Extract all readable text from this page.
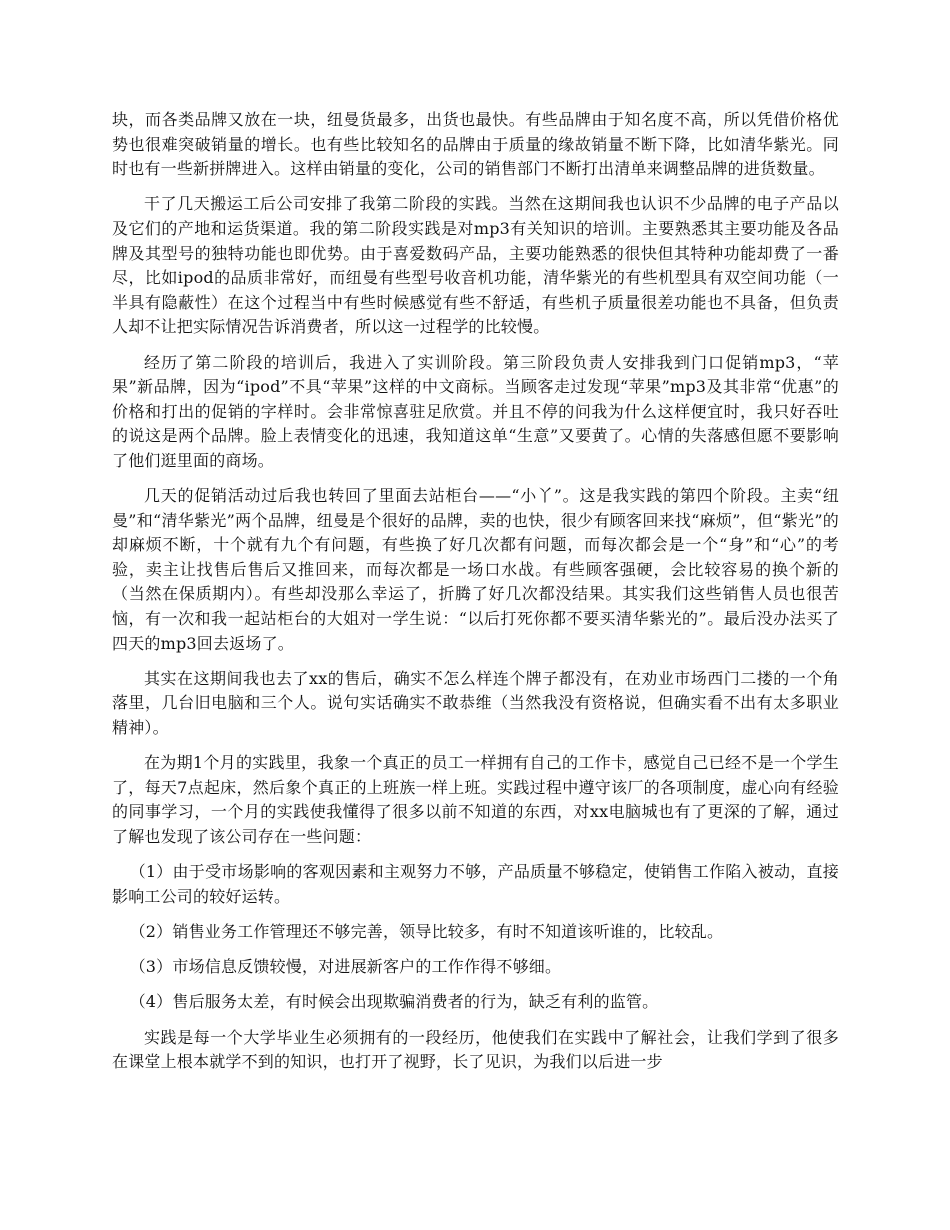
块，而各类品牌又放在一块，纽曼货最多，出货也最快。有些品牌由于知名度不高，所以凭借价格优势也很难突破销量的增长。也有些比较知名的品牌由于质量的缘故销量不断下降，比如清华紫光。同时也有一些新拼牌进入。这样由销量的变化，公司的销售部门不断打出清单来调整品牌的进货数量。

干了几天搬运工后公司安排了我第二阶段的实践。当然在这期间我也认识不少品牌的电子产品以及它们的产地和运货渠道。我的第二阶段实践是对mp3有关知识的培训。主要熟悉其主要功能及各品牌及其型号的独特功能也即优势。由于喜爱数码产品，主要功能熟悉的很快但其特种功能却费了一番尽，比如ipod的品质非常好，而纽曼有些型号收音机功能，清华紫光的有些机型具有双空间功能（一半具有隐蔽性）在这个过程当中有些时候感觉有些不舒适，有些机子质量很差功能也不具备，但负责人却不让把实际情况告诉消费者，所以这一过程学的比较慢。

经历了第二阶段的培训后，我进入了实训阶段。第三阶段负责人安排我到门口促销mp3，“苹果”新品牌，因为“ipod”不具“苹果”这样的中文商标。当顾客走过发现“苹果”mp3及其非常“优惠”的价格和打出的促销的字样时。会非常惊喜驻足欣赏。并且不停的问我为什么这样便宜时，我只好吞吐的说这是两个品牌。脸上表情变化的迅速，我知道这单“生意”又要黄了。心情的失落感但愿不要影响了他们逛里面的商场。

几天的促销活动过后我也转回了里面去站柜台——“小丫”。这是我实践的第四个阶段。主卖“纽曼”和“清华紫光”两个品牌，纽曼是个很好的品牌，卖的也快，很少有顾客回来找“麻烦”，但“紫光”的却麻烦不断，十个就有九个有问题，有些换了好几次都有问题，而每次都会是一个“身”和“心”的考验，卖主让找售后售后又推回来，而每次都是一场口水战。有些顾客强硬，会比较容易的换个新的（当然在保质期内）。有些却没那么幸运了，折腾了好几次都没结果。其实我们这些销售人员也很苦恼，有一次和我一起站柜台的大姐对一学生说：“以后打死你都不要买清华紫光的”。最后没办法买了四天的mp3回去返场了。

其实在这期间我也去了xx的售后，确实不怎么样连个牌子都没有，在劝业市场西门二搂的一个角落里，几台旧电脑和三个人。说句实话确实不敢恭维（当然我没有资格说，但确实看不出有太多职业精神）。

在为期1个月的实践里，我象一个真正的员工一样拥有自己的工作卡，感觉自己已经不是一个学生了，每天7点起床，然后象个真正的上班族一样上班。实践过程中遵守该厂的各项制度，虚心向有经验的同事学习，一个月的实践使我懂得了很多以前不知道的东西，对xx电脑城也有了更深的了解，通过了解也发现了该公司存在一些问题：

（1）由于受市场影响的客观因素和主观努力不够，产品质量不够稳定，使销售工作陷入被动，直接影响工公司的较好运转。

（2）销售业务工作管理还不够完善，领导比较多，有时不知道该听谁的，比较乱。

（3）市场信息反馈较慢，对进展新客户的工作作得不够细。

（4）售后服务太差，有时候会出现欺骗消费者的行为，缺乏有利的监管。

实践是每一个大学毕业生必须拥有的一段经历，他使我们在实践中了解社会，让我们学到了很多在课堂上根本就学不到的知识，也打开了视野，长了见识，为我们以后进一步
